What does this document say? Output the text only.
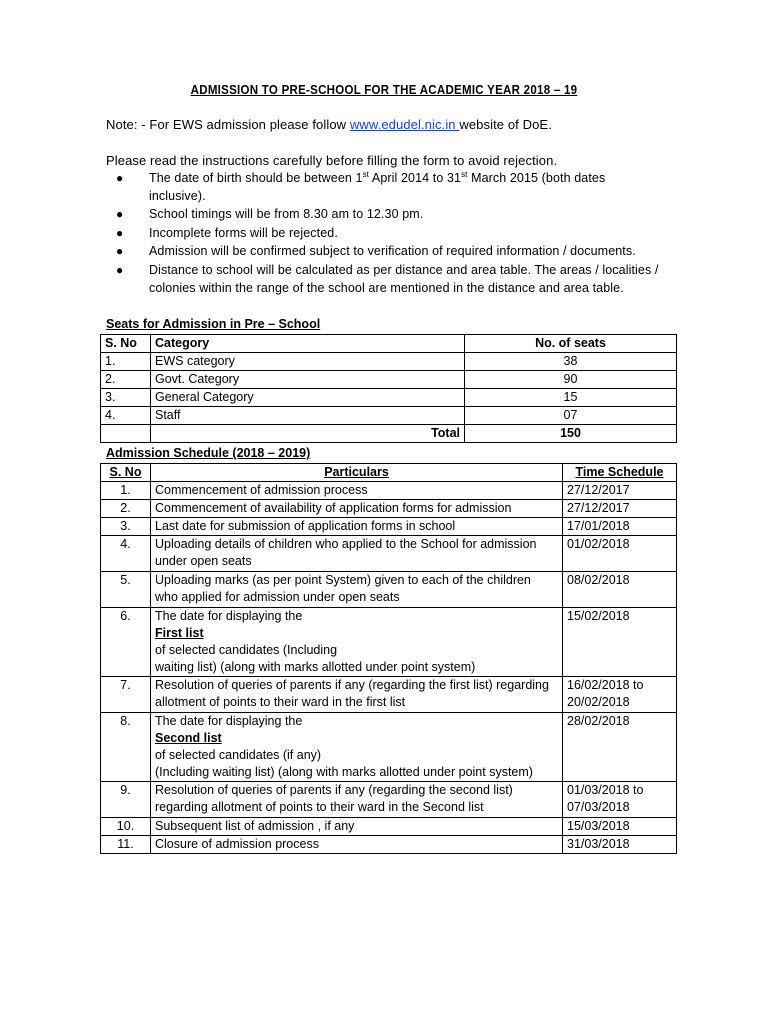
ADMISSION TO PRE-SCHOOL FOR THE ACADEMIC YEAR 2018 – 19
Note: - For EWS admission please follow www.edudel.nic.in website of DoE.
Please read the instructions carefully before filling the form to avoid rejection.
● The date of birth should be between 1st April 2014 to 31st March 2015 (both dates
inclusive).
● School timings will be from 8.30 am to 12.30 pm.
● Incomplete forms will be rejected.
● Admission will be confirmed subject to verification of required information / documents.
● Distance to school will be calculated as per distance and area table. The areas / localities /
colonies within the range of the school are mentioned in the distance and area table.
Seats for Admission in Pre – School
S. No	Category	No. of seats
1.	EWS category	38
2.	Govt. Category	90
3.	General Category	15
4.	Staff	07
	Total	150
Admission Schedule (2018 – 2019)
S. No	Particulars	Time Schedule
1.	Commencement of admission process	27/12/2017
2.	Commencement of availability of application forms for admission	27/12/2017
3.	Last date for submission of application forms in school	17/01/2018
4.	Uploading details of children who applied to the School for admission
under open seats	01/02/2018
5.	Uploading marks (as per point System) given to each of the children
who applied for admission under open seats	08/02/2018
6.	The date for displaying the
First list
of selected candidates (Including
waiting list) (along with marks allotted under point system)	15/02/2018
7.	Resolution of queries of parents if any (regarding the first list) regarding
allotment of points to their ward in the first list	16/02/2018 to
20/02/2018

8.	The date for displaying the
Second list
of selected candidates (if any)
(Including waiting list) (along with marks allotted under point system)	28/02/2018
9.	Resolution of queries of parents if any (regarding the second list)
regarding allotment of points to their ward in the Second list	01/03/2018 to
07/03/2018

10.	Subsequent list of admission , if any	15/03/2018
11.	Closure of admission process	31/03/2018
